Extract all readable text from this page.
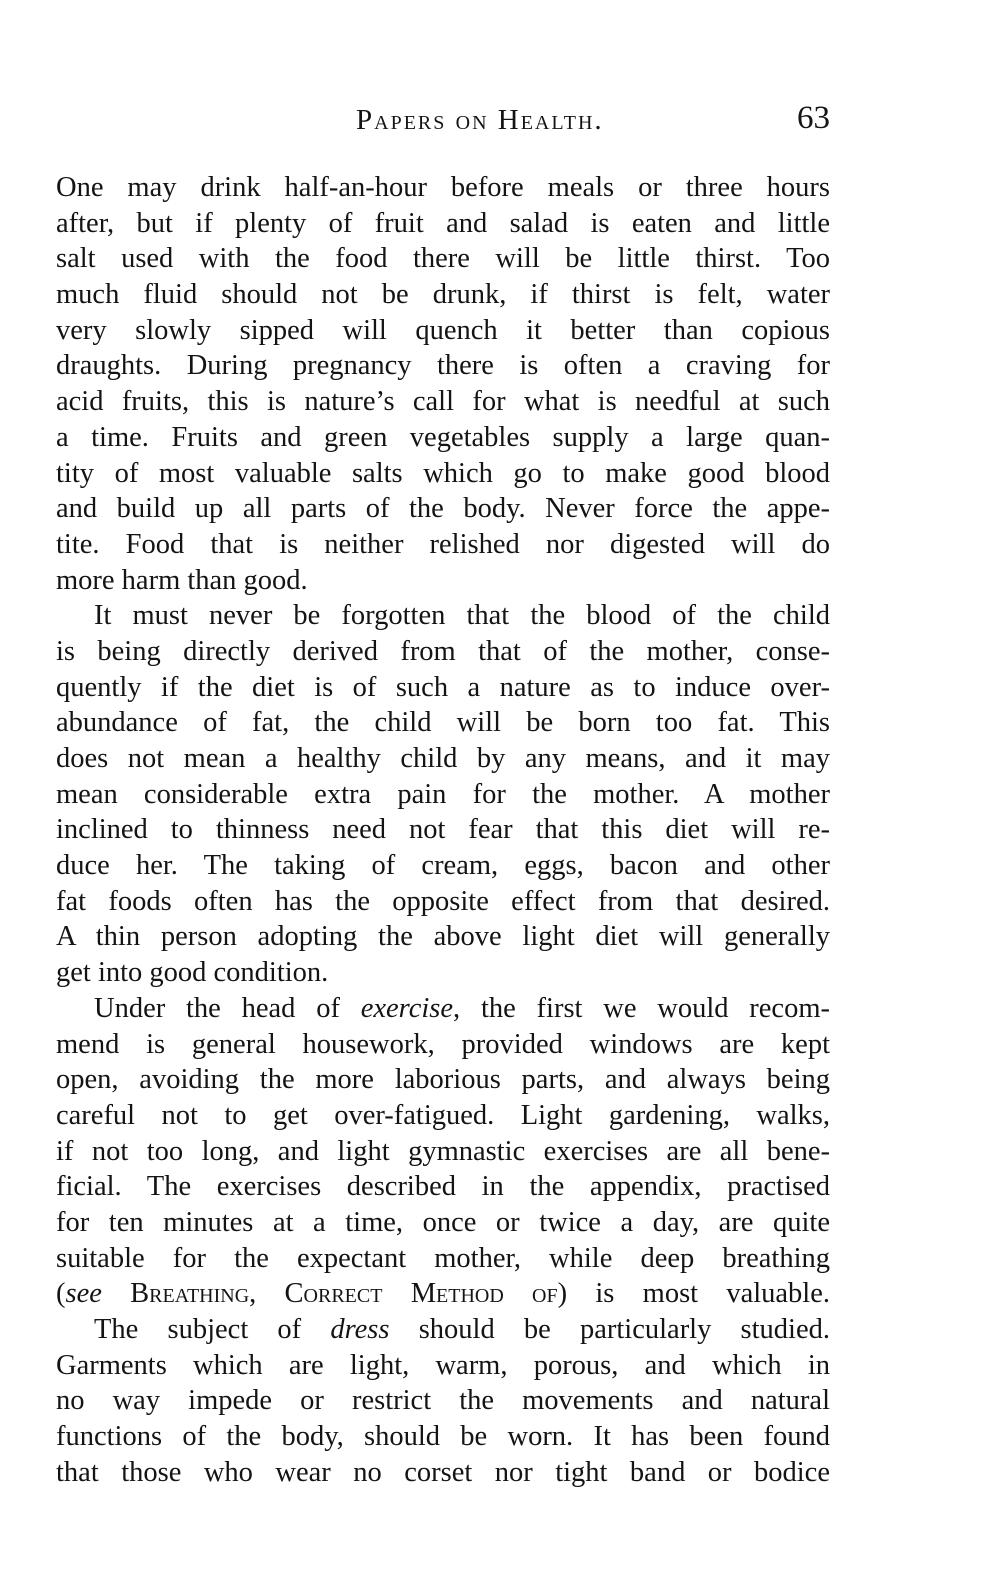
Papers on Health.	63
One may drink half-an-hour before meals or three hours
after, but if plenty of fruit and salad is eaten and little
salt used with the food there will be little thirst. Too
much fluid should not be drunk, if thirst is felt, water
very slowly sipped will quench it better than copious
draughts. During pregnancy there is often a craving for
acid fruits, this is nature’s call for what is needful at such
a time. Fruits and green vegetables supply a large quan-
tity of most valuable salts which go to make good blood
and build up all parts of the body. Never force the appe-
tite. Food that is neither relished nor digested will do
more harm than good.
It must never be forgotten that the blood of the child
is being directly derived from that of the mother, conse-
quently if the diet is of such a nature as to induce over-
abundance of fat, the child will be born too fat. This
does not mean a healthy child by any means, and it may
mean considerable extra pain for the mother. A mother
inclined to thinness need not fear that this diet will re-
duce her. The taking of cream, eggs, bacon and other
fat foods often has the opposite effect from that desired.
A thin person adopting the above light diet will generally
get into good condition.
Under the head of exercise, the first we would recom-
mend is general housework, provided windows are kept
open, avoiding the more laborious parts, and always being
careful not to get over-fatigued. Light gardening, walks,
if not too long, and light gymnastic exercises are all bene-
ficial. The exercises described in the appendix, practised
for ten minutes at a time, once or twice a day, are quite
suitable for the expectant mother, while deep breathing
(see Breathing, Correct Method of) is most valuable.
The subject of dress should be particularly studied.
Garments which are light, warm, porous, and which in
no way impede or restrict the movements and natural
functions of the body, should be worn. It has been found
that those who wear no corset nor tight band or bodice
